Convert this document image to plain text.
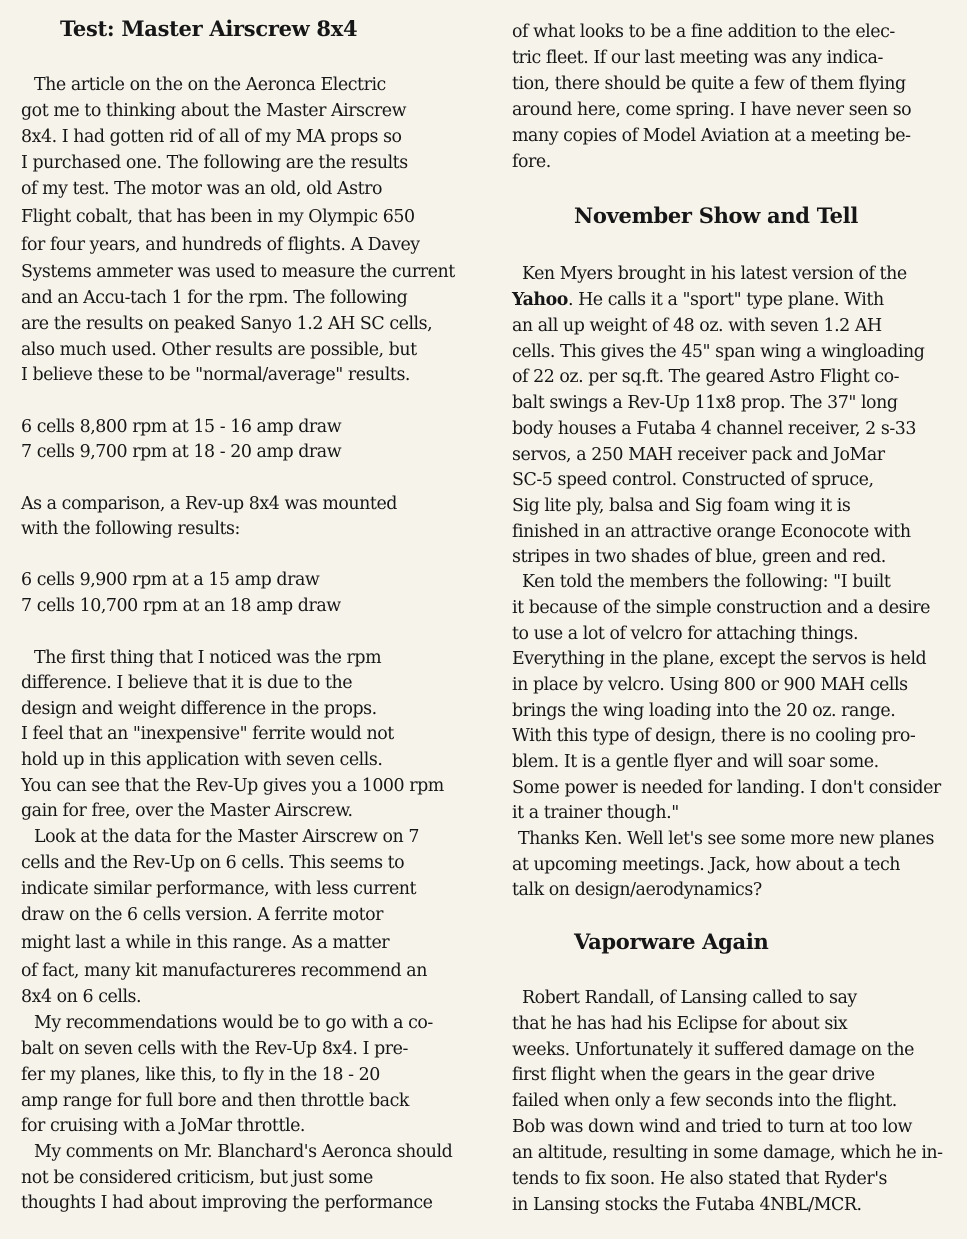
Test: Master Airscrew 8x4
The article on the on the Aeronca Electric
got me to thinking about the Master Airscrew
8x4. I had gotten rid of all of my MA props so
I purchased one. The following are the results
of my test. The motor was an old, old Astro
Flight cobalt, that has been in my Olympic 650
for four years, and hundreds of flights. A Davey
Systems ammeter was used to measure the current
and an Accu-tach 1 for the rpm. The following
are the results on peaked Sanyo 1.2 AH SC cells,
also much used. Other results are possible, but
I believe these to be "normal/average" results.
6 cells 8,800 rpm at 15 - 16 amp draw
7 cells 9,700 rpm at 18 - 20 amp draw
As a comparison, a Rev-up 8x4 was mounted
with the following results:
6 cells 9,900 rpm at a 15 amp draw
7 cells 10,700 rpm at an 18 amp draw
The first thing that I noticed was the rpm
difference. I believe that it is due to the
design and weight difference in the props.
I feel that an "inexpensive" ferrite would not
hold up in this application with seven cells.
You can see that the Rev-Up gives you a 1000 rpm
gain for free, over the Master Airscrew.
Look at the data for the Master Airscrew on 7
cells and the Rev-Up on 6 cells. This seems to
indicate similar performance, with less current
draw on the 6 cells version. A ferrite motor
might last a while in this range. As a matter
of fact, many kit manufactureres recommend an
8x4 on 6 cells.
My recommendations would be to go with a co-
balt on seven cells with the Rev-Up 8x4. I pre-
fer my planes, like this, to fly in the 18 - 20
amp range for full bore and then throttle back
for cruising with a JoMar throttle.
My comments on Mr. Blanchard's Aeronca should
not be considered criticism, but just some
thoughts I had about improving the performance
of what looks to be a fine addition to the elec-
tric fleet. If our last meeting was any indica-
tion, there should be quite a few of them flying
around here, come spring. I have never seen so
many copies of Model Aviation at a meeting be-
fore.
November Show and Tell
Ken Myers brought in his latest version of the
Yahoo. He calls it a "sport" type plane. With
an all up weight of 48 oz. with seven 1.2 AH
cells. This gives the 45" span wing a wingloading
of 22 oz. per sq.ft. The geared Astro Flight co-
balt swings a Rev-Up 11x8 prop. The 37" long
body houses a Futaba 4 channel receiver, 2 s-33
servos, a 250 MAH receiver pack and JoMar
SC-5 speed control. Constructed of spruce,
Sig lite ply, balsa and Sig foam wing it is
finished in an attractive orange Econocote with
stripes in two shades of blue, green and red.
Ken told the members the following: "I built
it because of the simple construction and a desire
to use a lot of velcro for attaching things.
Everything in the plane, except the servos is held
in place by velcro. Using 800 or 900 MAH cells
brings the wing loading into the 20 oz. range.
With this type of design, there is no cooling pro-
blem. It is a gentle flyer and will soar some.
Some power is needed for landing. I don't consider
it a trainer though."
Thanks Ken. Well let's see some more new planes
at upcoming meetings. Jack, how about a tech
talk on design/aerodynamics?
Vaporware Again
Robert Randall, of Lansing called to say
that he has had his Eclipse for about six
weeks. Unfortunately it suffered damage on the
first flight when the gears in the gear drive
failed when only a few seconds into the flight.
Bob was down wind and tried to turn at too low
an altitude, resulting in some damage, which he in-
tends to fix soon. He also stated that Ryder's
in Lansing stocks the Futaba 4NBL/MCR.
